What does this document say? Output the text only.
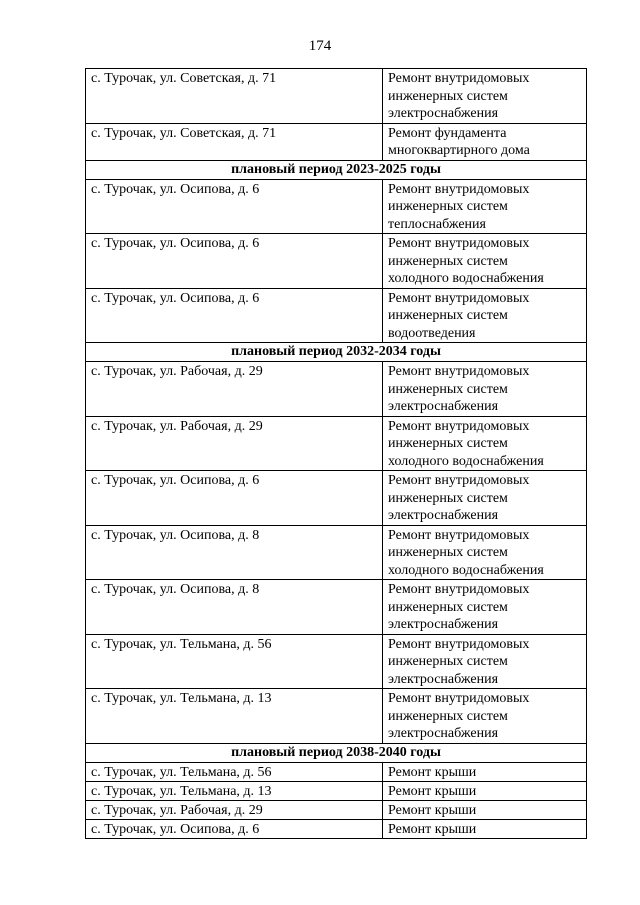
174
с. Турочак, ул. Советская, д. 71	Ремонт внутридомовых
инженерных систем
электроснабжения

с. Турочак, ул. Советская, д. 71	Ремонт фундамента
многоквартирного дома

плановый период 2023-2025 годы	
с. Турочак, ул. Осипова, д. 6	Ремонт внутридомовых
инженерных систем
теплоснабжения

с. Турочак, ул. Осипова, д. 6	Ремонт внутридомовых
инженерных систем
холодного водоснабжения

с. Турочак, ул. Осипова, д. 6	Ремонт внутридомовых
инженерных систем
водоотведения

плановый период 2032-2034 годы	
с. Турочак, ул. Рабочая, д. 29	Ремонт внутридомовых
инженерных систем
электроснабжения

с. Турочак, ул. Рабочая, д. 29	Ремонт внутридомовых
инженерных систем
холодного водоснабжения

с. Турочак, ул. Осипова, д. 6	Ремонт внутридомовых
инженерных систем
электроснабжения

с. Турочак, ул. Осипова, д. 8	Ремонт внутридомовых
инженерных систем
холодного водоснабжения

с. Турочак, ул. Осипова, д. 8	Ремонт внутридомовых
инженерных систем
электроснабжения

с. Турочак, ул. Тельмана, д. 56	Ремонт внутридомовых
инженерных систем
электроснабжения

с. Турочак, ул. Тельмана, д. 13	Ремонт внутридомовых
инженерных систем
электроснабжения

плановый период 2038-2040 годы	
с. Турочак, ул. Тельмана, д. 56	Ремонт крыши

с. Турочак, ул. Тельмана, д. 13	Ремонт крыши

с. Турочак, ул. Рабочая, д. 29	Ремонт крыши

с. Турочак, ул. Осипова, д. 6	Ремонт крыши
